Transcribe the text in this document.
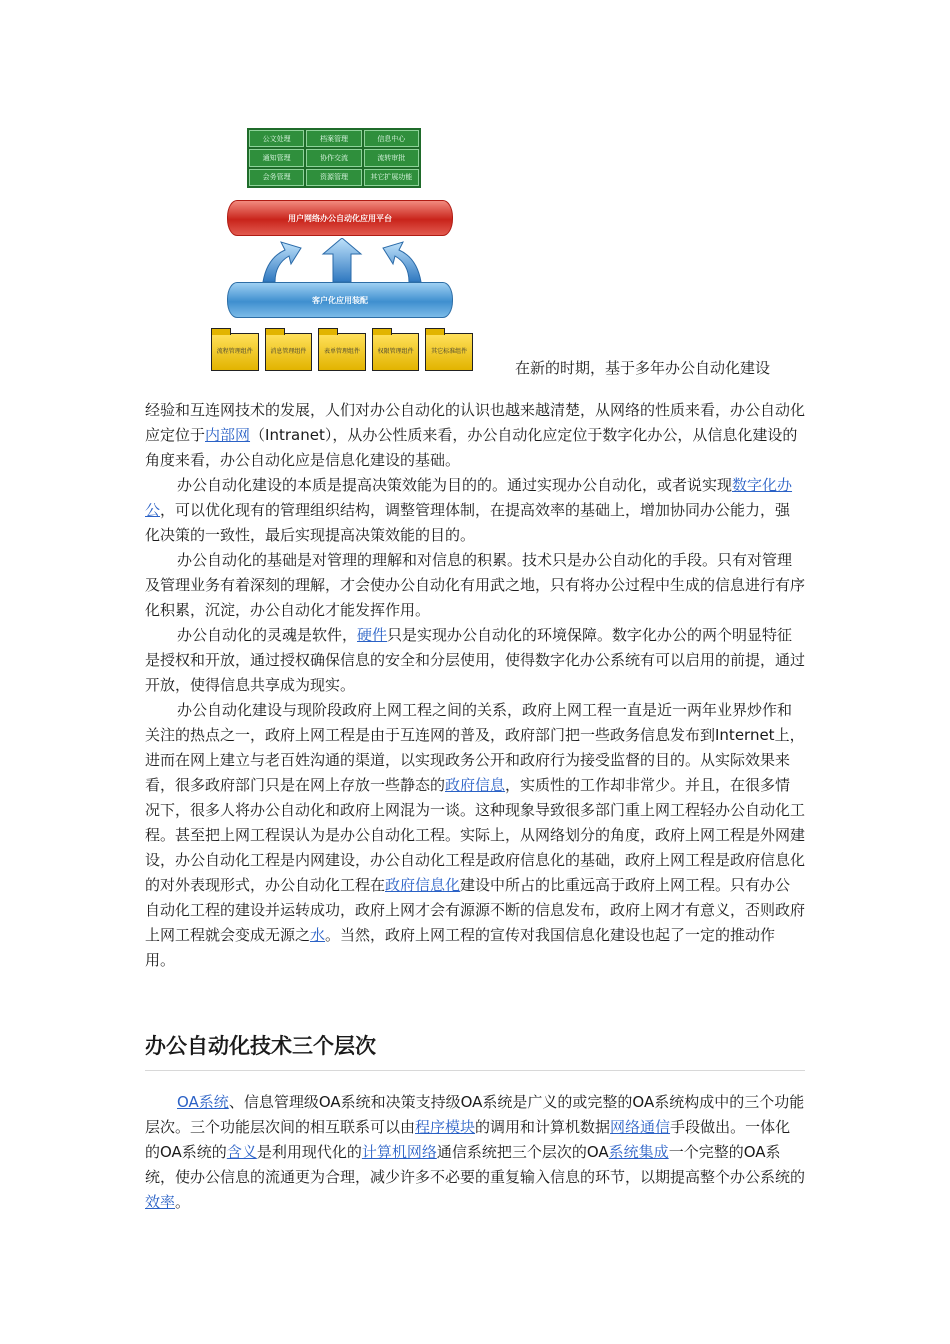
公文处理	档案管理	信息中心
通知管理	协作交流	流转审批
会务管理	资源管理	其它扩展功能
用户网络办公自动化应用平台
客户化应用装配
流程管理组件	消息管理组件	表单管理组件	权限管理组件	其它标准组件
在新的时期，基于多年办公自动化建设

经验和互连网技术的发展，人们对办公自动化的认识也越来越清楚，从网络的性质来看，办公自动化应定位于内部网（Intranet），从办公性质来看，办公自动化应定位于数字化办公，从信息化建设的角度来看，办公自动化应是信息化建设的基础。

办公自动化建设的本质是提高决策效能为目的的。通过实现办公自动化，或者说实现数字化办公，可以优化现有的管理组织结构，调整管理体制，在提高效率的基础上，增加协同办公能力，强化决策的一致性，最后实现提高决策效能的目的。

办公自动化的基础是对管理的理解和对信息的积累。技术只是办公自动化的手段。只有对管理及管理业务有着深刻的理解，才会使办公自动化有用武之地，只有将办公过程中生成的信息进行有序化积累，沉淀，办公自动化才能发挥作用。

办公自动化的灵魂是软件，硬件只是实现办公自动化的环境保障。数字化办公的两个明显特征是授权和开放，通过授权确保信息的安全和分层使用，使得数字化办公系统有可以启用的前提，通过开放，使得信息共享成为现实。

办公自动化建设与现阶段政府上网工程之间的关系，政府上网工程一直是近一两年业界炒作和关注的热点之一，政府上网工程是由于互连网的普及，政府部门把一些政务信息发布到Internet上，进而在网上建立与老百姓沟通的渠道，以实现政务公开和政府行为接受监督的目的。从实际效果来看，很多政府部门只是在网上存放一些静态的政府信息，实质性的工作却非常少。并且，在很多情况下，很多人将办公自动化和政府上网混为一谈。这种现象导致很多部门重上网工程轻办公自动化工程。甚至把上网工程误认为是办公自动化工程。实际上，从网络划分的角度，政府上网工程是外网建设，办公自动化工程是内网建设，办公自动化工程是政府信息化的基础，政府上网工程是政府信息化的对外表现形式，办公自动化工程在政府信息化建设中所占的比重远高于政府上网工程。只有办公自动化工程的建设并运转成功，政府上网才会有源源不断的信息发布，政府上网才有意义，否则政府上网工程就会变成无源之水。当然，政府上网工程的宣传对我国信息化建设也起了一定的推动作用。

办公自动化技术三个层次

OA系统、信息管理级OA系统和决策支持级OA系统是广义的或完整的OA系统构成中的三个功能层次。三个功能层次间的相互联系可以由程序模块的调用和计算机数据网络通信手段做出。一体化的OA系统的含义是利用现代化的计算机网络通信系统把三个层次的OA系统集成一个完整的OA系统，使办公信息的流通更为合理，减少许多不必要的重复输入信息的环节，以期提高整个办公系统的效率。
